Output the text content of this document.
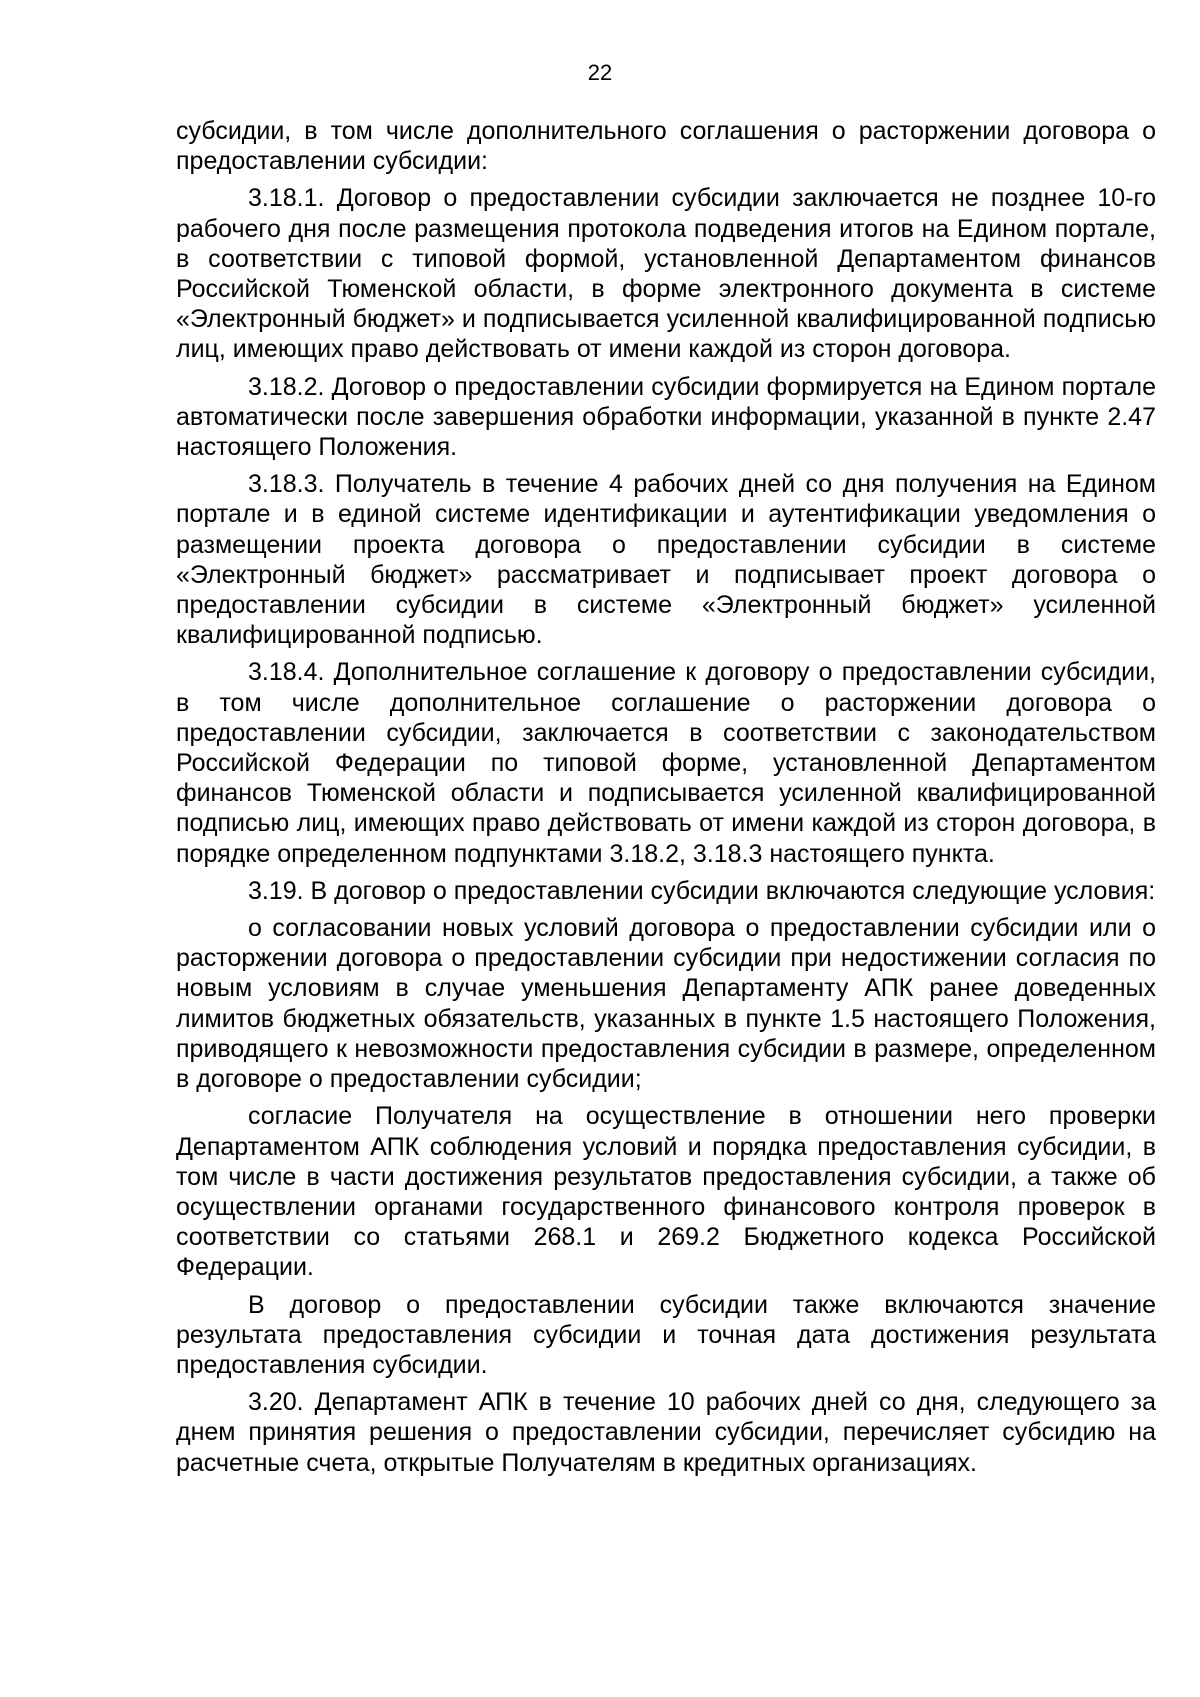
22

субсидии, в том числе дополнительного соглашения о расторжении договора о предоставлении субсидии:

3.18.1. Договор о предоставлении субсидии заключается не позднее 10-го рабочего дня после размещения протокола подведения итогов на Едином портале, в соответствии с типовой формой, установленной Департаментом финансов Российской Тюменской области, в форме электронного документа в системе «Электронный бюджет» и подписывается усиленной квалифицированной подписью лиц, имеющих право действовать от имени каждой из сторон договора.

3.18.2. Договор о предоставлении субсидии формируется на Едином портале автоматически после завершения обработки информации, указанной в пункте 2.47 настоящего Положения.

3.18.3. Получатель в течение 4 рабочих дней со дня получения на Едином портале и в единой системе идентификации и аутентификации уведомления о размещении проекта договора о предоставлении субсидии в системе «Электронный бюджет» рассматривает и подписывает проект договора о предоставлении субсидии в системе «Электронный бюджет» усиленной квалифицированной подписью.

3.18.4. Дополнительное соглашение к договору о предоставлении субсидии, в том числе дополнительное соглашение о расторжении договора о предоставлении субсидии, заключается в соответствии с законодательством Российской Федерации по типовой форме, установленной Департаментом финансов Тюменской области и подписывается усиленной квалифицированной подписью лиц, имеющих право действовать от имени каждой из сторон договора, в порядке определенном подпунктами 3.18.2, 3.18.3 настоящего пункта.

3.19. В договор о предоставлении субсидии включаются следующие условия:

о согласовании новых условий договора о предоставлении субсидии или о расторжении договора о предоставлении субсидии при недостижении согласия по новым условиям в случае уменьшения Департаменту АПК ранее доведенных лимитов бюджетных обязательств, указанных в пункте 1.5 настоящего Положения, приводящего к невозможности предоставления субсидии в размере, определенном в договоре о предоставлении субсидии;

согласие Получателя на осуществление в отношении него проверки Департаментом АПК соблюдения условий и порядка предоставления субсидии, в том числе в части достижения результатов предоставления субсидии, а также об осуществлении органами государственного финансового контроля проверок в соответствии со статьями 268.1 и 269.2 Бюджетного кодекса Российской Федерации.

В договор о предоставлении субсидии также включаются значение результата предоставления субсидии и точная дата достижения результата предоставления субсидии.

3.20. Департамент АПК в течение 10 рабочих дней со дня, следующего за днем принятия решения о предоставлении субсидии, перечисляет субсидию на расчетные счета, открытые Получателям в кредитных организациях.
